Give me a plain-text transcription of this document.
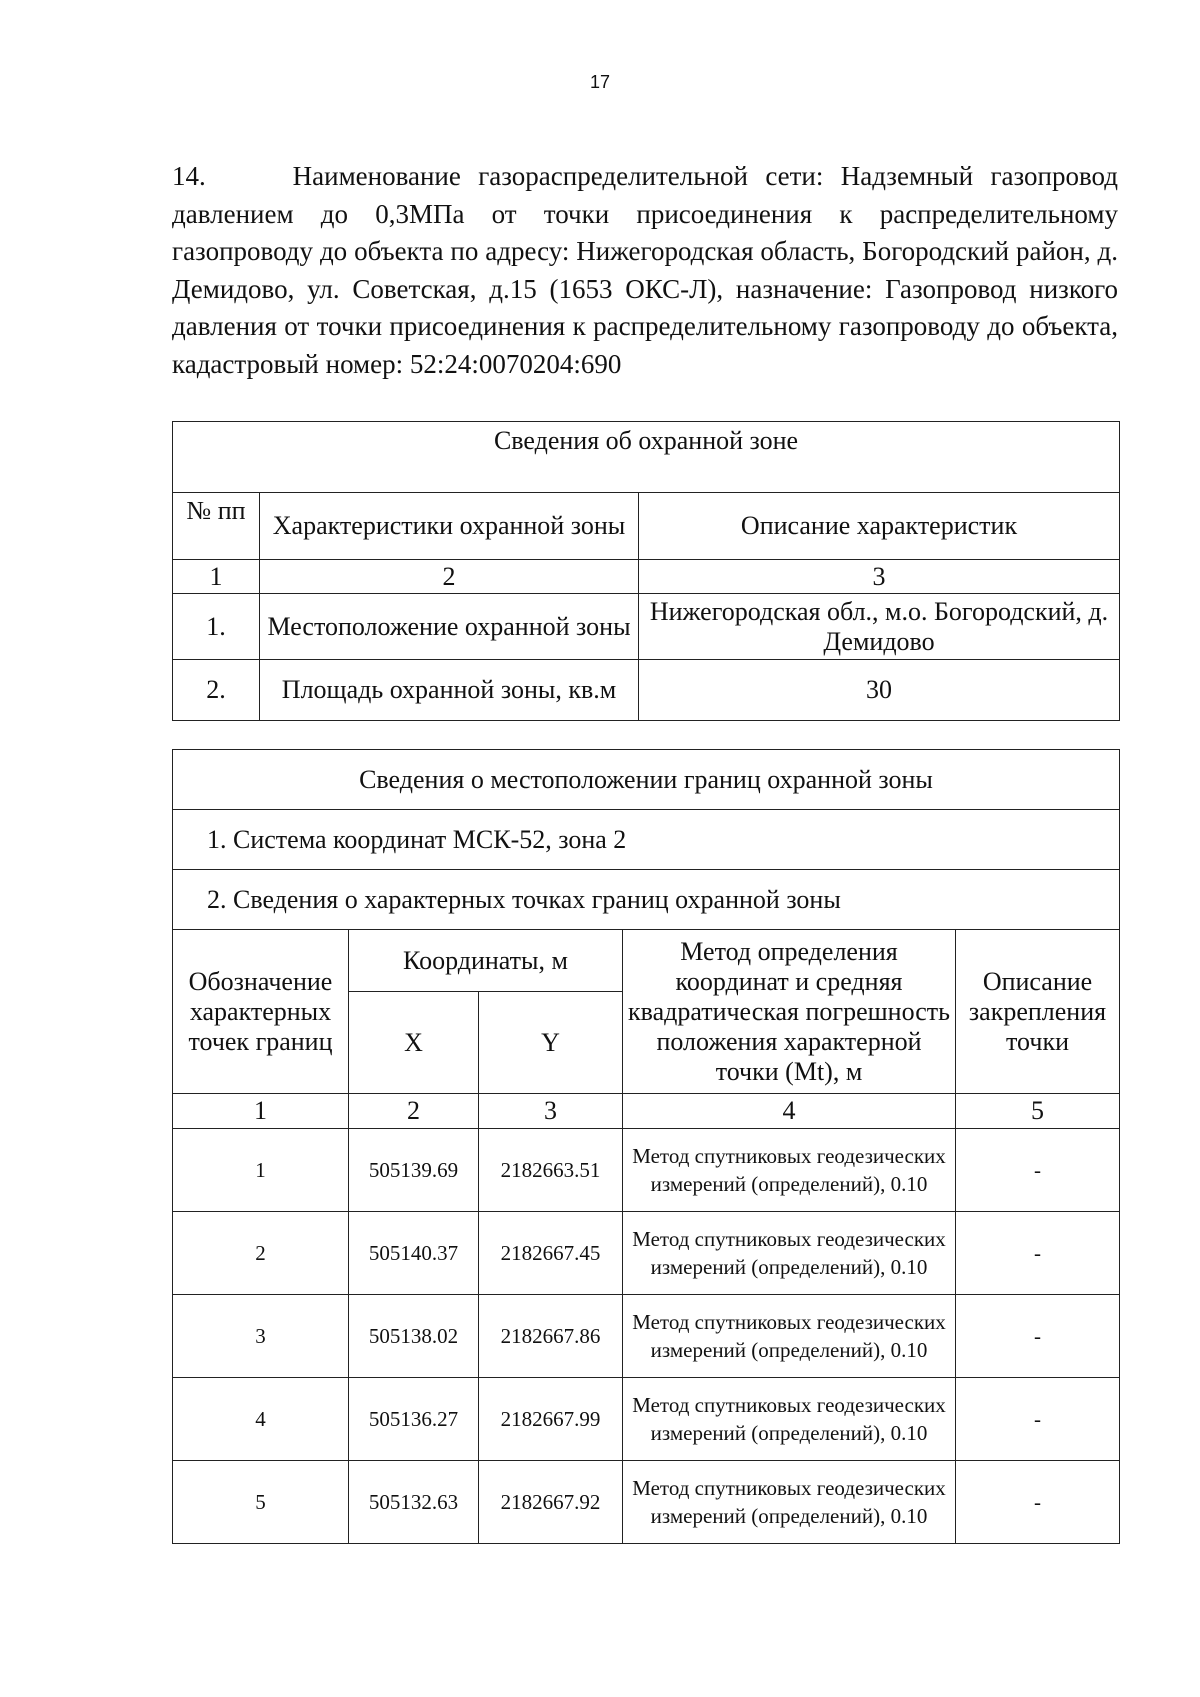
17
14.     Наименование газораспределительной сети: Надземный газопровод давлением до 0,3МПа от точки присоединения к распределительному газопроводу до объекта по адресу: Нижегородская область, Богородский район, д. Демидово, ул. Советская, д.15 (1653 ОКС-Л), назначение: Газопровод низкого давления от точки присоединения к распределительному газопроводу до объекта, кадастровый номер: 52:24:0070204:690
Сведения об охранной зоне		
№ пп	Характеристики охранной зоны	Описание характеристик
1	2	3
1.	Местоположение охранной зоны	Нижегородская обл., м.о. Богородский, д. Демидово
2.	Площадь охранной зоны, кв.м	30
Сведения о местоположении границ охранной зоны				
1. Система координат МСК-52, зона 2				
2. Сведения о характерных точках границ охранной зоны				
Обозначение характерных точек границ	Координаты, м		Метод определения координат и средняя квадратическая погрешность положения характерной точки (Mt), м	Описание закрепления точки
	X	Y		
1	2	3	4	5
1	505139.69	2182663.51	Метод спутниковых геодезических измерений (определений), 0.10	-
2	505140.37	2182667.45	Метод спутниковых геодезических измерений (определений), 0.10	-
3	505138.02	2182667.86	Метод спутниковых геодезических измерений (определений), 0.10	-
4	505136.27	2182667.99	Метод спутниковых геодезических измерений (определений), 0.10	-
5	505132.63	2182667.92	Метод спутниковых геодезических измерений (определений), 0.10	-
